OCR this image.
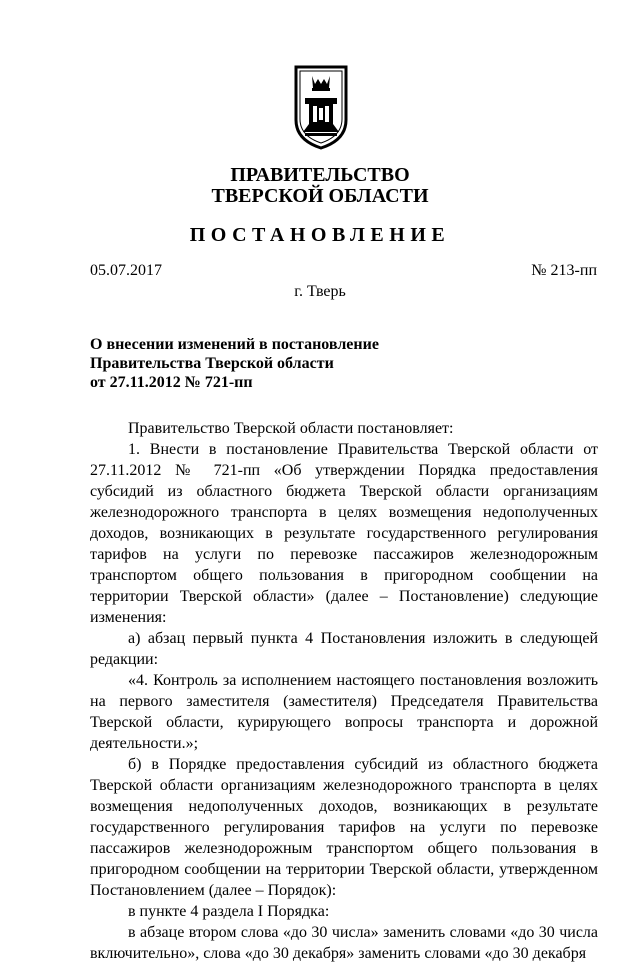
ПРАВИТЕЛЬСТВО
ТВЕРСКОЙ ОБЛАСТИ
ПОСТАНОВЛЕНИЕ
05.07.2017	№ 213-пп
г. Тверь
О внесении изменений в постановление
Правительства Тверской области
от 27.11.2012 № 721-пп

Правительство Тверской области постановляет:

1. Внести в постановление Правительства Тверской области от 27.11.2012 № 721-пп «Об утверждении Порядка предоставления субсидий из областного бюджета Тверской области организациям железнодорожного транспорта в целях возмещения недополученных доходов, возникающих в результате государственного регулирования тарифов на услуги по перевозке пассажиров железнодорожным транспортом общего пользования в пригородном сообщении на территории Тверской области» (далее – Постановление) следующие изменения:

а) абзац первый пункта 4 Постановления изложить в следующей редакции:

«4. Контроль за исполнением настоящего постановления возложить на первого заместителя (заместителя) Председателя Правительства Тверской области, курирующего вопросы транспорта и дорожной деятельности.»;

б) в Порядке предоставления субсидий из областного бюджета Тверской области организациям железнодорожного транспорта в целях возмещения недополученных доходов, возникающих в результате государственного регулирования тарифов на услуги по перевозке пассажиров железнодорожным транспортом общего пользования в пригородном сообщении на территории Тверской области, утвержденном Постановлением (далее – Порядок):

в пункте 4 раздела I Порядка:

в абзаце втором слова «до 30 числа» заменить словами «до 30 числа включительно», слова «до 30 декабря» заменить словами «до 30 декабря
